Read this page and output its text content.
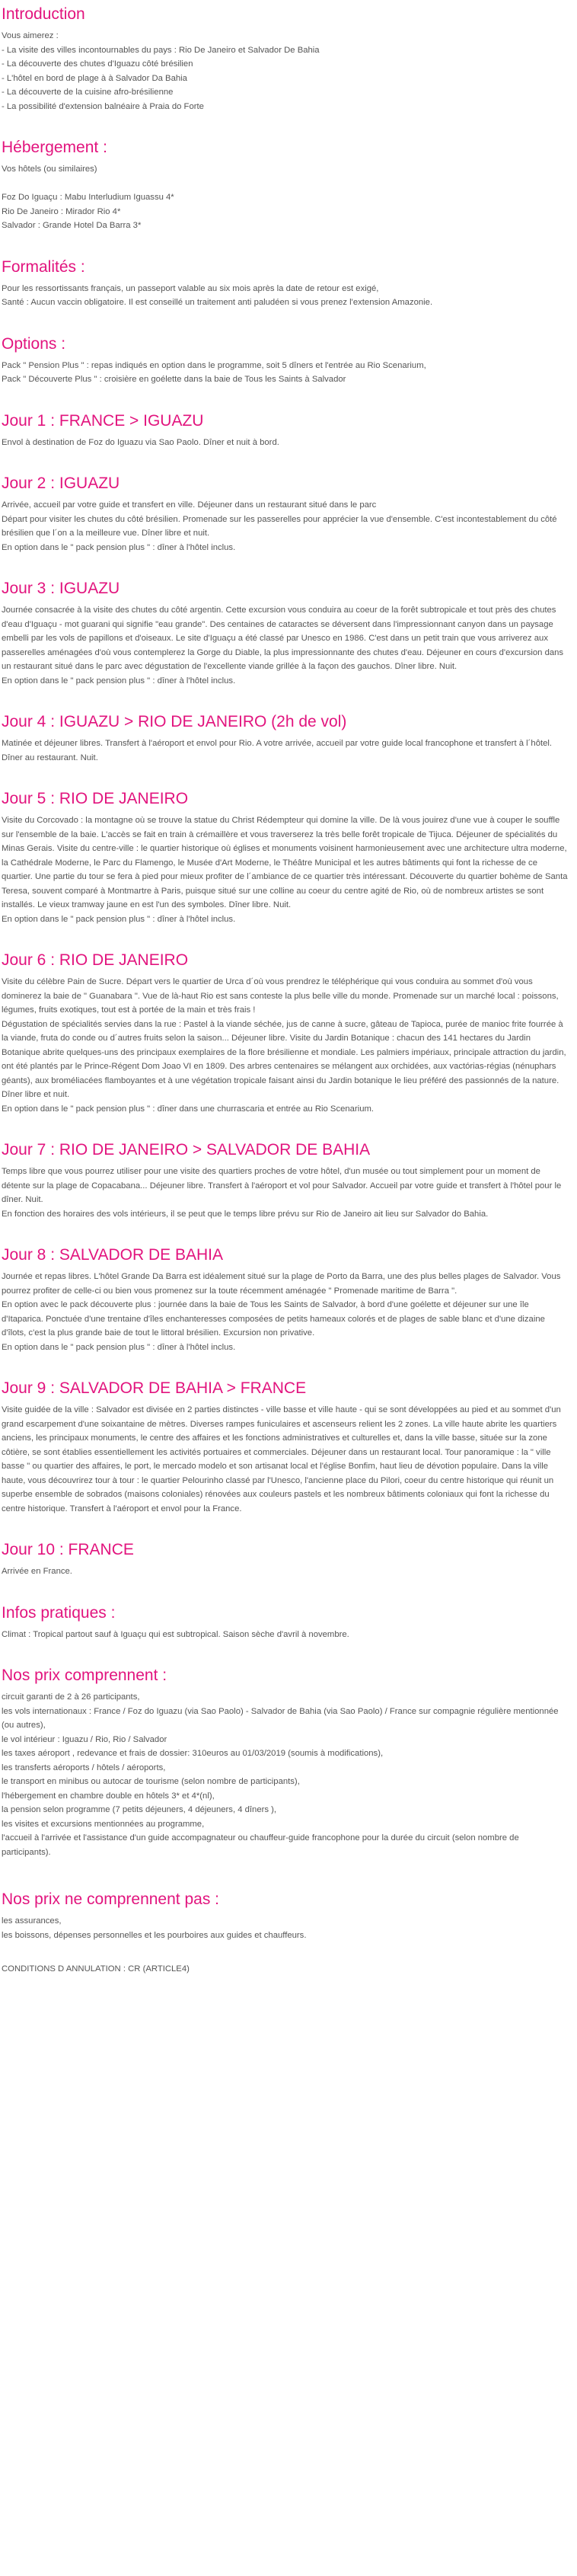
Introduction

Vous aimerez :
- La visite des villes incontournables du pays : Rio De Janeiro et Salvador De Bahia
- La découverte des chutes d'Iguazu côté brésilien
- L'hôtel en bord de plage à à Salvador Da Bahia
- La découverte de la cuisine afro-brésilienne
- La possibilité d'extension balnéaire à Praia do Forte

Hébergement :

Vos hôtels (ou similaires)

Foz Do Iguaçu : Mabu Interludium Iguassu 4*
Rio De Janeiro : Mirador Rio 4*
Salvador : Grande Hotel Da Barra 3*

Formalités :

Pour les ressortissants français, un passeport valable au six mois après la date de retour est exigé,
Santé : Aucun vaccin obligatoire. Il est conseillé un traitement anti paludéen si vous prenez l'extension Amazonie.

Options :

Pack " Pension Plus " : repas indiqués en option dans le programme, soit 5 dîners et l'entrée au Rio Scenarium,
Pack " Découverte Plus " : croisière en goélette dans la baie de Tous les Saints à Salvador

Jour 1 : FRANCE > IGUAZU

Envol à destination de Foz do Iguazu via Sao Paolo. Dîner et nuit à bord.

Jour 2 : IGUAZU

Arrivée, accueil par votre guide et transfert en ville. Déjeuner dans un restaurant situé dans le parc
Départ pour visiter les chutes du côté brésilien. Promenade sur les passerelles pour apprécier la vue d'ensemble. C'est incontestablement du côté brésilien que l´on a la meilleure vue. Dîner libre et nuit.
En option dans le " pack pension plus " : dîner à l'hôtel inclus.

Jour 3 : IGUAZU

Journée consacrée à la visite des chutes du côté argentin. Cette excursion vous conduira au coeur de la forêt subtropicale et tout près des chutes d'eau d'Iguaçu - mot guarani qui signifie "eau grande". Des centaines de cataractes se déversent dans l'impressionnant canyon dans un paysage embelli par les vols de papillons et d'oiseaux. Le site d'Iguaçu a été classé par Unesco en 1986. C'est dans un petit train que vous arriverez aux passerelles aménagées d'où vous contemplerez la Gorge du Diable, la plus impressionnante des chutes d'eau. Déjeuner en cours d'excursion dans un restaurant situé dans le parc avec dégustation de l'excellente viande grillée à la façon des gauchos. Dîner libre. Nuit.
En option dans le " pack pension plus " : dîner à l'hôtel inclus.

Jour 4 : IGUAZU > RIO DE JANEIRO (2h de vol)

Matinée et déjeuner libres. Transfert à l'aéroport et envol pour Rio. A votre arrivée, accueil par votre guide local francophone et transfert à l´hôtel. Dîner au restaurant. Nuit.

Jour 5 : RIO DE JANEIRO

Visite du Corcovado : la montagne où se trouve la statue du Christ Rédempteur qui domine la ville. De là vous jouirez d'une vue à couper le souffle sur l'ensemble de la baie. L'accès se fait en train à crémaillère et vous traverserez la très belle forêt tropicale de Tijuca. Déjeuner de spécialités du Minas Gerais. Visite du centre-ville : le quartier historique où églises et monuments voisinent harmonieusement avec une architecture ultra moderne, la Cathédrale Moderne, le Parc du Flamengo, le Musée d'Art Moderne, le Théâtre Municipal et les autres bâtiments qui font la richesse de ce quartier. Une partie du tour se fera à pied pour mieux profiter de l´ambiance de ce quartier très intéressant. Découverte du quartier bohème de Santa Teresa, souvent comparé à Montmartre à Paris, puisque situé sur une colline au coeur du centre agité de Rio, où de nombreux artistes se sont installés. Le vieux tramway jaune en est l'un des symboles. Dîner libre. Nuit.
En option dans le " pack pension plus " : dîner à l'hôtel inclus.

Jour 6 : RIO DE JANEIRO

Visite du célèbre Pain de Sucre. Départ vers le quartier de Urca d´où vous prendrez le téléphérique qui vous conduira au sommet d'où vous dominerez la baie de " Guanabara ". Vue de là-haut Rio est sans conteste la plus belle ville du monde. Promenade sur un marché local : poissons, légumes, fruits exotiques, tout est à portée de la main et très frais !
Dégustation de spécialités servies dans la rue : Pastel à la viande séchée, jus de canne à sucre, gâteau de Tapioca, purée de manioc frite fourrée à la viande, fruta do conde ou d´autres fruits selon la saison... Déjeuner libre. Visite du Jardin Botanique : chacun des 141 hectares du Jardin Botanique abrite quelques-uns des principaux exemplaires de la flore brésilienne et mondiale. Les palmiers impériaux, principale attraction du jardin, ont été plantés par le Prince-Régent Dom Joao VI en 1809. Des arbres centenaires se mélangent aux orchidées, aux vactórias-régias (nénuphars géants), aux broméliacées flamboyantes et à une végétation tropicale faisant ainsi du Jardin botanique le lieu préféré des passionnés de la nature. Dîner libre et nuit.
En option dans le " pack pension plus " : dîner dans une churrascaria et entrée au Rio Scenarium.

Jour 7 : RIO DE JANEIRO > SALVADOR DE BAHIA

Temps libre que vous pourrez utiliser pour une visite des quartiers proches de votre hôtel, d'un musée ou tout simplement pour un moment de détente sur la plage de Copacabana... Déjeuner libre. Transfert à l'aéroport et vol pour Salvador. Accueil par votre guide et transfert à l'hôtel pour le dîner. Nuit.
En fonction des horaires des vols intérieurs, il se peut que le temps libre prévu sur Rio de Janeiro ait lieu sur Salvador do Bahia.

Jour 8 : SALVADOR DE BAHIA

Journée et repas libres. L'hôtel Grande Da Barra est idéalement situé sur la plage de Porto da Barra, une des plus belles plages de Salvador. Vous pourrez profiter de celle-ci ou bien vous promenez sur la toute récemment aménagée " Promenade maritime de Barra ".
En option avec le pack découverte plus : journée dans la baie de Tous les Saints de Salvador, à bord d'une goélette et déjeuner sur une île d'Itaparica. Ponctuée d'une trentaine d'îles enchanteresses composées de petits hameaux colorés et de plages de sable blanc et d'une dizaine d'îlots, c'est la plus grande baie de tout le littoral brésilien. Excursion non privative.
En option dans le " pack pension plus " : dîner à l'hôtel inclus.

Jour 9 : SALVADOR DE BAHIA > FRANCE

Visite guidée de la ville : Salvador est divisée en 2 parties distinctes - ville basse et ville haute - qui se sont développées au pied et au sommet d'un grand escarpement d'une soixantaine de mètres. Diverses rampes funiculaires et ascenseurs relient les 2 zones. La ville haute abrite les quartiers anciens, les principaux monuments, le centre des affaires et les fonctions administratives et culturelles et, dans la ville basse, située sur la zone côtière, se sont établies essentiellement les activités portuaires et commerciales. Déjeuner dans un restaurant local. Tour panoramique : la " ville basse " ou quartier des affaires, le port, le mercado modelo et son artisanat local et l'église Bonfim, haut lieu de dévotion populaire. Dans la ville haute, vous découvrirez tour à tour : le quartier Pelourinho classé par l'Unesco, l'ancienne place du Pilori, coeur du centre historique qui réunit un superbe ensemble de sobrados (maisons coloniales) rénovées aux couleurs pastels et les nombreux bâtiments coloniaux qui font la richesse du centre historique. Transfert à l'aéroport et envol pour la France.

Jour 10 : FRANCE

Arrivée en France.

Infos pratiques :

Climat : Tropical partout sauf à Iguaçu qui est subtropical. Saison sèche d'avril à novembre.

Nos prix comprennent :

circuit garanti de 2 à 26 participants,
les vols internationaux : France / Foz do Iguazu (via Sao Paolo) - Salvador de Bahia (via Sao Paolo) / France sur compagnie régulière mentionnée (ou autres),
le vol intérieur : Iguazu / Rio, Rio / Salvador
les taxes aéroport , redevance et frais de dossier: 310euros au 01/03/2019 (soumis à modifications),
les transferts aéroports / hôtels / aéroports,
le transport en minibus ou autocar de tourisme (selon nombre de participants),
l'hébergement en chambre double en hôtels 3* et 4*(nl),
la pension selon programme (7 petits déjeuners, 4 déjeuners, 4 dîners ),
les visites et excursions mentionnées au programme,
l'accueil à l'arrivée et l'assistance d'un guide accompagnateur ou chauffeur-guide francophone pour la durée du circuit (selon nombre de participants).

Nos prix ne comprennent pas :

les assurances,
les boissons, dépenses personnelles et les pourboires aux guides et chauffeurs.

CONDITIONS D ANNULATION : CR (ARTICLE4)
